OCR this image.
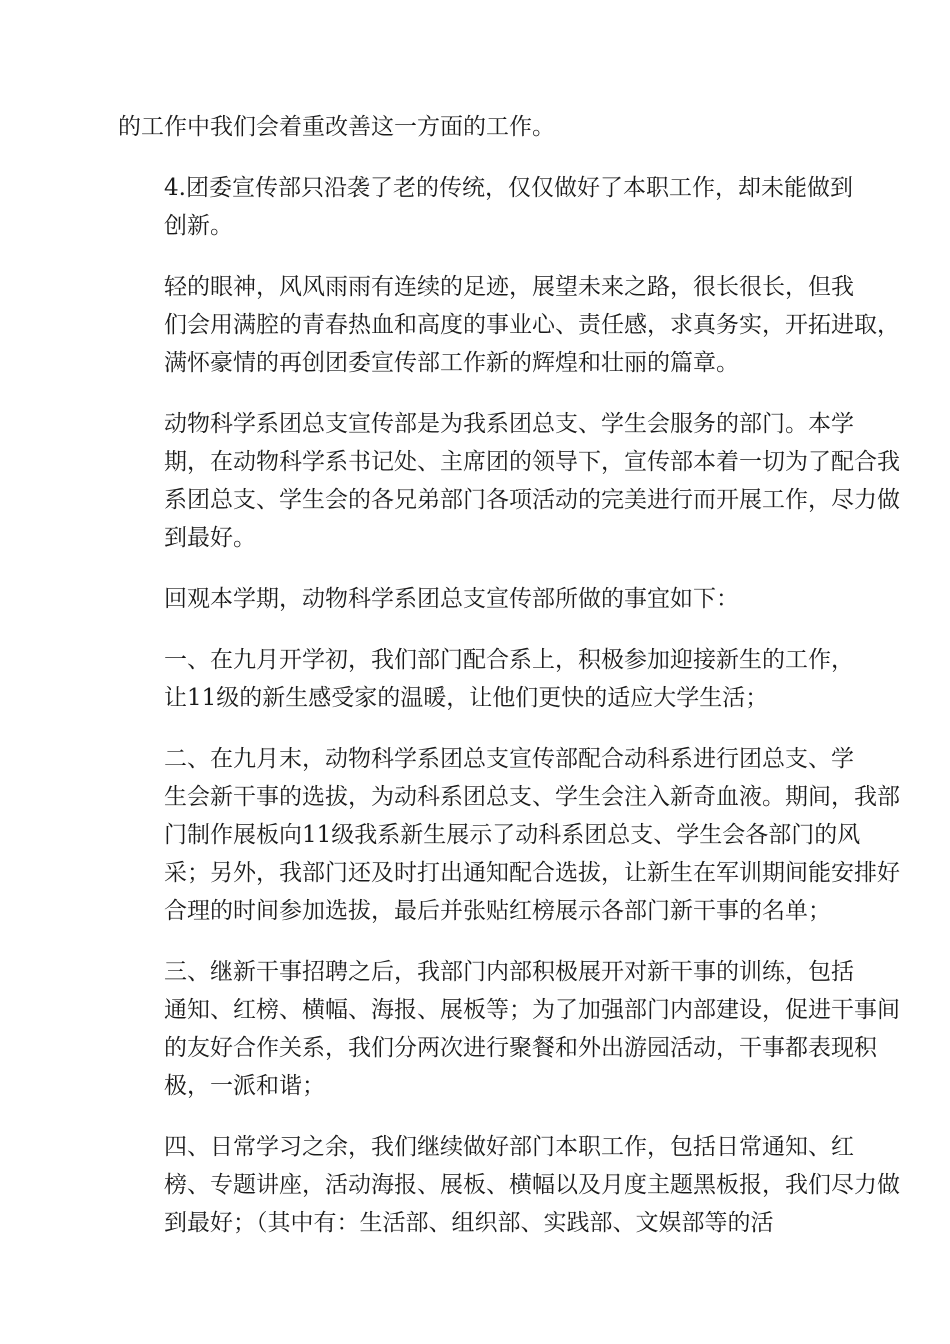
的工作中我们会着重改善这一方面的工作。

4.团委宣传部只沿袭了老的传统，仅仅做好了本职工作，却未能做到
创新。

轻的眼神，风风雨雨有连续的足迹，展望未来之路，很长很长，但我
们会用满腔的青春热血和高度的事业心、责任感，求真务实，开拓进取，
满怀豪情的再创团委宣传部工作新的辉煌和壮丽的篇章。

动物科学系团总支宣传部是为我系团总支、学生会服务的部门。本学
期，在动物科学系书记处、主席团的领导下，宣传部本着一切为了配合我
系团总支、学生会的各兄弟部门各项活动的完美进行而开展工作，尽力做
到最好。

回观本学期，动物科学系团总支宣传部所做的事宜如下：

一、在九月开学初，我们部门配合系上，积极参加迎接新生的工作，
让11级的新生感受家的温暖，让他们更快的适应大学生活；

二、在九月末，动物科学系团总支宣传部配合动科系进行团总支、学
生会新干事的选拔，为动科系团总支、学生会注入新奇血液。期间，我部
门制作展板向11级我系新生展示了动科系团总支、学生会各部门的风
采；另外，我部门还及时打出通知配合选拔，让新生在军训期间能安排好
合理的时间参加选拔，最后并张贴红榜展示各部门新干事的名单；

三、继新干事招聘之后，我部门内部积极展开对新干事的训练，包括
通知、红榜、横幅、海报、展板等；为了加强部门内部建设，促进干事间
的友好合作关系，我们分两次进行聚餐和外出游园活动，干事都表现积
极，一派和谐；

四、日常学习之余，我们继续做好部门本职工作，包括日常通知、红
榜、专题讲座，活动海报、展板、横幅以及月度主题黑板报，我们尽力做
到最好；（其中有：生活部、组织部、实践部、文娱部等的活
